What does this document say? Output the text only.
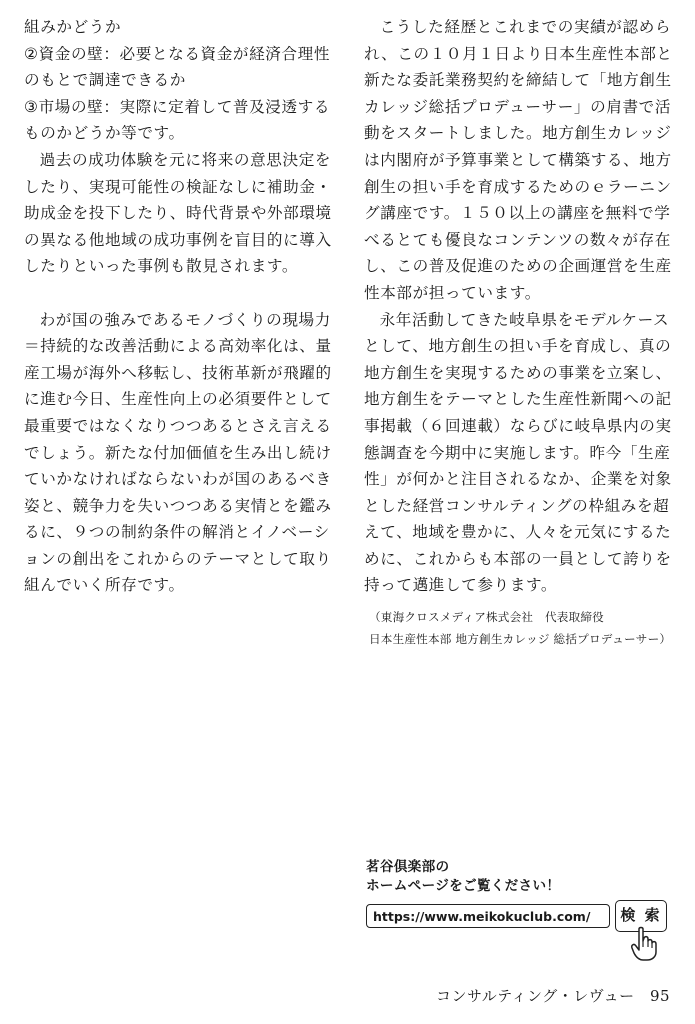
組みかどうか

②資金の壁：必要となる資金が経済合理性のもとで調達できるか

③市場の壁：実際に定着して普及浸透するものかどうか等です。

過去の成功体験を元に将来の意思決定をしたり、実現可能性の検証なしに補助金・助成金を投下したり、時代背景や外部環境の異なる他地域の成功事例を盲目的に導入したりといった事例も散見されます。

わが国の強みであるモノづくりの現場力＝持続的な改善活動による高効率化は、量産工場が海外へ移転し、技術革新が飛躍的に進む今日、生産性向上の必須要件として最重要ではなくなりつつあるとさえ言えるでしょう。新たな付加価値を生み出し続けていかなければならないわが国のあるべき姿と、競争力を失いつつある実情とを鑑みるに、９つの制約条件の解消とイノベーションの創出をこれからのテーマとして取り組んでいく所存です。

こうした経歴とこれまでの実績が認められ、この１０月１日より日本生産性本部と新たな委託業務契約を締結して「地方創生カレッジ総括プロデューサー」の肩書で活動をスタートしました。地方創生カレッジは内閣府が予算事業として構築する、地方創生の担い手を育成するためのｅラーニング講座です。１５０以上の講座を無料で学べるとても優良なコンテンツの数々が存在し、この普及促進のための企画運営を生産性本部が担っています。

永年活動してきた岐阜県をモデルケースとして、地方創生の担い手を育成し、真の地方創生を実現するための事業を立案し、地方創生をテーマとした生産性新聞への記事掲載（６回連載）ならびに岐阜県内の実態調査を今期中に実施します。昨今「生産性」が何かと注目されるなか、企業を対象とした経営コンサルティングの枠組みを超えて、地域を豊かに、人々を元気にするために、これからも本部の一員として誇りを持って邁進して参ります。

（東海クロスメディア株式会社　代表取締役
日本生産性本部 地方創生カレッジ 総括プロデューサー）
茗谷倶楽部の
ホームページをご覧ください！
https://www.meikokuclub.com/	検 索
コンサルティング・レヴュー 95
